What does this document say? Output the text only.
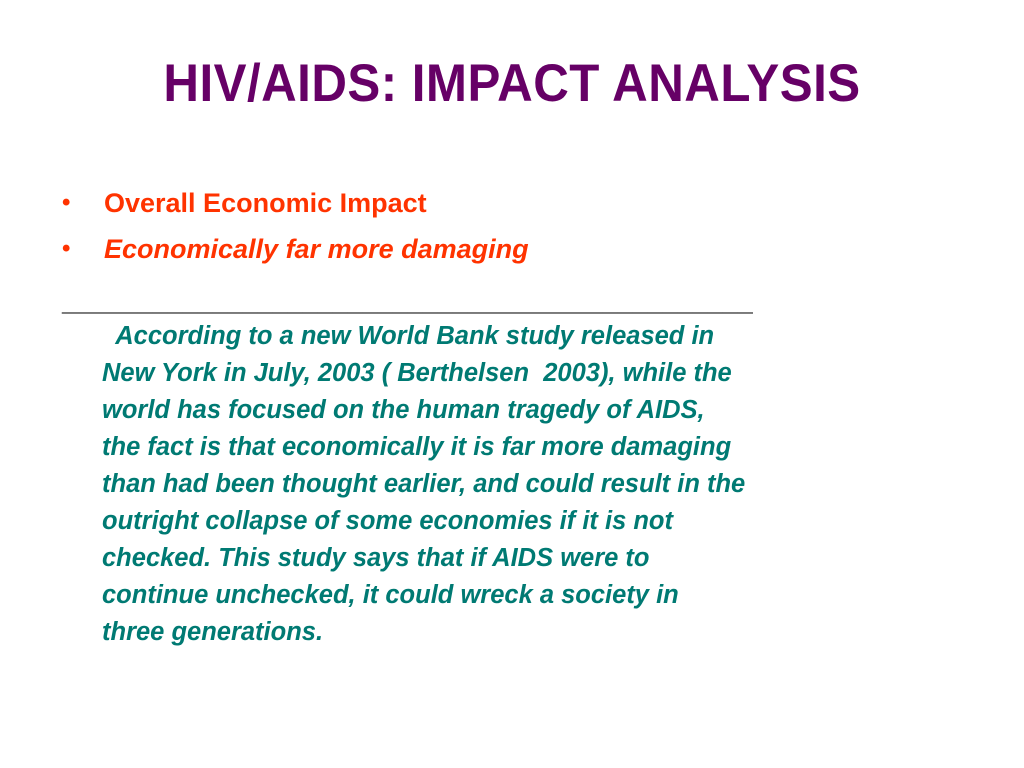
HIV/AIDS: IMPACT ANALYSIS
• Overall Economic Impact
• Economically far more damaging
______________________________________________

According to a new World Bank study released in
New York in July, 2003 ( Berthelsen  2003), while the
world has focused on the human tragedy of AIDS,
the fact is that economically it is far more damaging
than had been thought earlier, and could result in the
outright collapse of some economies if it is not
checked. This study says that if AIDS were to
continue unchecked, it could wreck a society in
three generations.
